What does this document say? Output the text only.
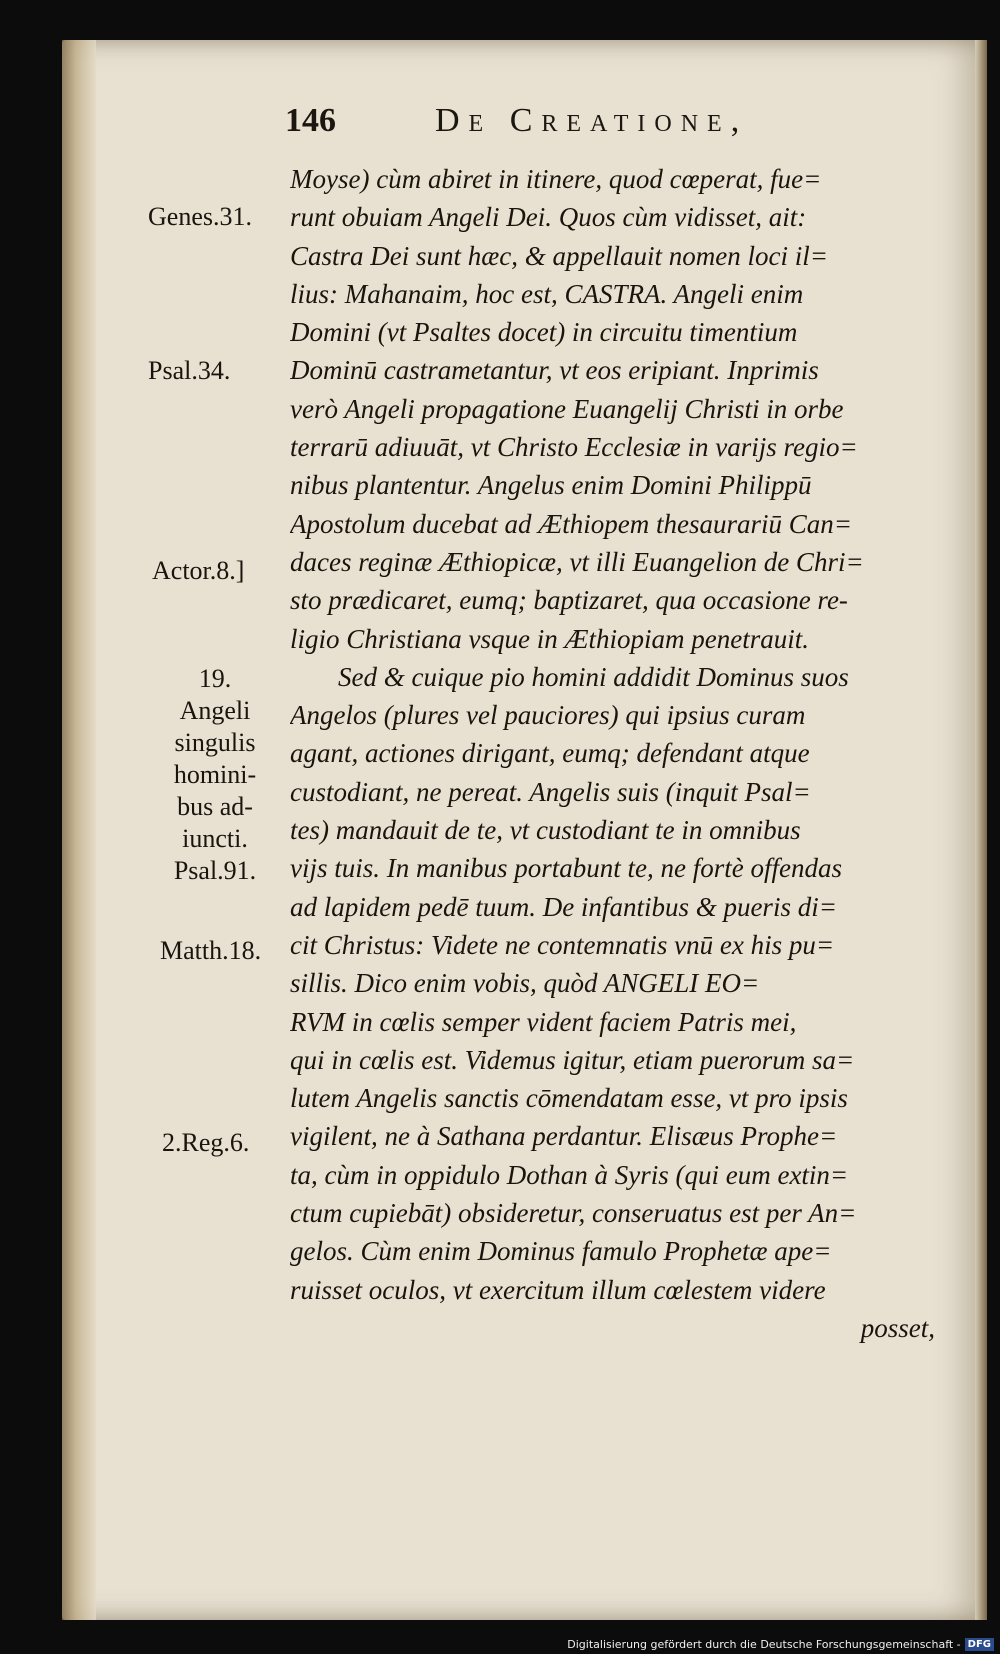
146	De Creatione,
Moyse) cùm abiret in itinere, quod cœperat, fue=
runt obuiam Angeli Dei. Quos cùm vidisset, ait:
Castra Dei sunt hæc, & appellauit nomen loci il=
lius: Mahanaim, hoc est, CASTRA. Angeli enim
Domini (vt Psaltes docet) in circuitu timentium
Dominū castrametantur, vt eos eripiant. Inprimis
verò Angeli propagatione Euangelij Christi in orbe
terrarū adiuuāt, vt Christo Ecclesiæ in varijs regio=
nibus plantentur. Angelus enim Domini Philippū
Apostolum ducebat ad Æthiopem thesaurariū Can=
daces reginæ Æthiopicæ, vt illi Euangelion de Chri=
sto prædicaret, eumq; baptizaret, qua occasione re-
ligio Christiana vsque in Æthiopiam penetrauit.
Sed & cuique pio homini addidit Dominus suos
Angelos (plures vel pauciores) qui ipsius curam
agant, actiones dirigant, eumq; defendant atque
custodiant, ne pereat. Angelis suis (inquit Psal=
tes) mandauit de te, vt custodiant te in omnibus
vijs tuis. In manibus portabunt te, ne fortè offendas
ad lapidem pedē tuum. De infantibus & pueris di=
cit Christus: Videte ne contemnatis vnū ex his pu=
sillis. Dico enim vobis, quòd ANGELI EO=
RVM in cœlis semper vident faciem Patris mei,
qui in cœlis est. Videmus igitur, etiam puerorum sa=
lutem Angelis sanctis cōmendatam esse, vt pro ipsis
vigilent, ne à Sathana perdantur. Elisæus Prophe=
ta, cùm in oppidulo Dothan à Syris (qui eum extin=
ctum cupiebāt) obsideretur, conseruatus est per An=
gelos. Cùm enim Dominus famulo Prophetæ ape=
ruisset oculos, vt exercitum illum cœlestem videre
posset,
Genes.31.
Psal.34.
Actor.8.]
19.
Angeli
singulis
homini-
bus ad-
iuncti.
Psal.91.
Matth.18.
2.Reg.6.
Digitalisierung gefördert durch die Deutsche Forschungsgemeinschaft - DFG
